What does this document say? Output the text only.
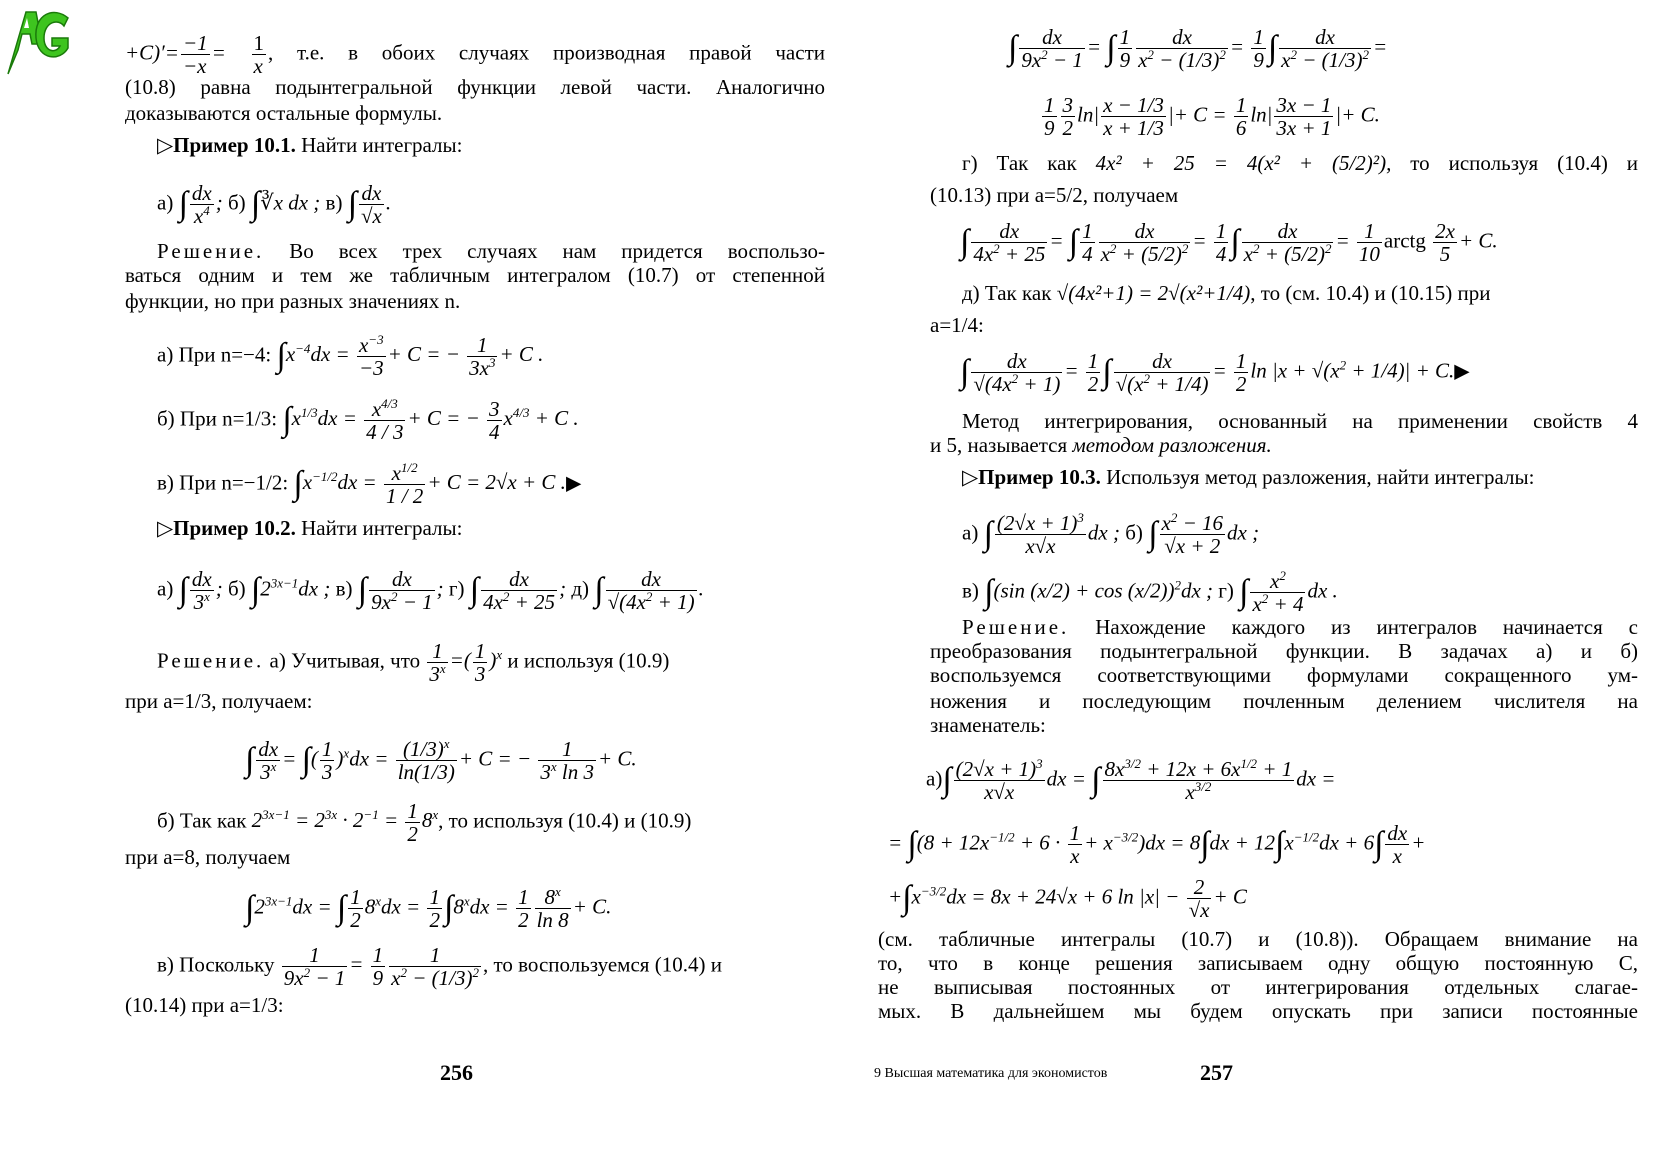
$+C)'= \frac{-1}{-x} = \frac{1}{x}$ , т.е. в обоих случаях производная правой части
(10.8) равна подынтегральной функции левой части. Аналогично
доказываются остальные формулы.
▷Пример 10.1. Найти интегралы:
а) ∫ $\frac{dx}{x^4}$ ; б) ∫∛x dx ; в) ∫ $\frac{dx}{√x}$ .
Решение. Во всех трех случаях нам придется воспользо-
ваться одним и тем же табличным интегралом (10.7) от степенной
функции, но при разных значениях n.
а) При n=−4: $\int x^{-4}dx = \frac{x^{-3}}{-3} + C$ = − $\frac{1}{3x^3} + C$ .
б) При n=1/3: $\int x^{1/3}dx = \frac{x^{4/3}}{4 / 3} + C$ = − $\frac{3}{4} x^{4/3} + C$ .
в) При n=−1/2: $\int x^{-1/2}dx = \frac{x^{1/2}}{1 / 2} + C = 2√x + C$ .▶
▷Пример 10.2. Найти интегралы:
а) ∫ $\frac{dx}{3^x}$ ; б) $\int 2^{3x-1}dx$ ; в) ∫ $\frac{dx}{9x^2 - 1}$ ; г) ∫ $\frac{dx}{4x^2 + 25}$ ; д) ∫ $\frac{dx}{√(4x^2 + 1)}$ .
Решение. а) Учитывая, что $\frac{1}{3^x}$ =( $\frac{1}{3} )^x$ и используя (10.9)
при a=1/3, получаем:
∫ $\frac{dx}{3^x}$ = ∫( $\frac{1}{3} )^xdx = \frac{(1/3)^x}{\ln(1/3)} + C$ = − $\frac{1}{3^x \ln 3} + C$.
б) Так как $2^{3x-1} = 2^{3x} \cdot 2^{-1} = \frac{1}{2} 8^x$, то используя (10.4) и (10.9)
при a=8, получаем
$\int 2^{3x-1}dx$ = ∫ $\frac{1}{2} 8^xdx = \frac{1}{2} \int 8^xdx = \frac{1}{2} \frac{8^x}{\ln 8} + C$.
в) Поскольку $\frac{1}{9x^2 - 1} = \frac{1}{9} \frac{1}{x^2 - (1/3)^2}$ , то воспользуемся (10.4) и
(10.14) при a=1/3:
256
∫ $\frac{dx}{9x^2 - 1}$ = ∫ $\frac{1}{9} \frac{dx}{x^2 - (1/3)^2} = \frac{1}{9}$ ∫ $\frac{dx}{x^2 - (1/3)^2}$ =
$\frac{1}{9} \frac{3}{2} \ln| \frac{x - 1/3}{x + 1/3}$ |+ $C = \frac{1}{6} \ln| \frac{3x - 1}{3x + 1}$ |+ C.
г) Так как 4x² + 25 = 4(x² + (5/2)²), то используя (10.4) и
(10.13) при a=5/2, получаем
∫ $\frac{dx}{4x^2 + 25}$ = ∫ $\frac{1}{4} \frac{dx}{x^2 + (5/2)^2} = \frac{1}{4}$ ∫ $\frac{dx}{x^2 + (5/2)^2} = \frac{1}{10}$ arctg $\frac{2x}{5} + C$.
д) Так как √(4x²+1) = 2√(x²+1/4), то (см. 10.4) и (10.15) при
a=1/4:
∫ $\frac{dx}{√(4x^2 + 1)} = \frac{1}{2}$ ∫ $\frac{dx}{√(x^2 + 1/4)} = \frac{1}{2}$ $\ln |x + √(x^2 + 1/4)|$ + C.▶
Метод интегрирования, основанный на применении свойств 4
и 5, называется методом разложения.
▷Пример 10.3. Используя метод разложения, найти интегралы:
а) ∫ $\frac{(2√x + 1)^3}{x√x}$ dx ; б) ∫ $\frac{x^2 - 16}{√x + 2}$ dx ;
в) ∫(sin (x/2) + cos (x/2))$^2$dx ; г) ∫ $\frac{x^2}{x^2 + 4}$ dx .
Решение. Нахождение каждого из интегралов начинается с
преобразования подынтегральной функции. В задачах а) и б)
воспользуемся соответствующими формулами сокращенного ум-
ножения и последующим почленным делением числителя на
знаменатель:
$а)\int \frac{(2√x + 1)^3}{x√x}$ dx = ∫ $\frac{8x^{3/2} + 12x + 6x^{1/2} + 1}{x^{3/2}}$ dx =
= $\int(8 + 12x^{-1/2} + 6 \cdot \frac{1}{x} + x^{-3/2})dx = 8\int dx + 12\int x^{-1/2}dx + 6\int \frac{dx}{x}$ +
$+\int x^{-3/2}dx = 8x + 24√x + 6$ $\ln |x| - \frac{2}{√x} + C$
(см. табличные интегралы (10.7) и (10.8)). Обращаем внимание на
то, что в конце решения записываем одну общую постоянную C,
не выписывая постоянных от интегрирования отдельных слагае-
мых. В дальнейшем мы будем опускать при записи постоянные
9 Высшая математика для экономистов	257
